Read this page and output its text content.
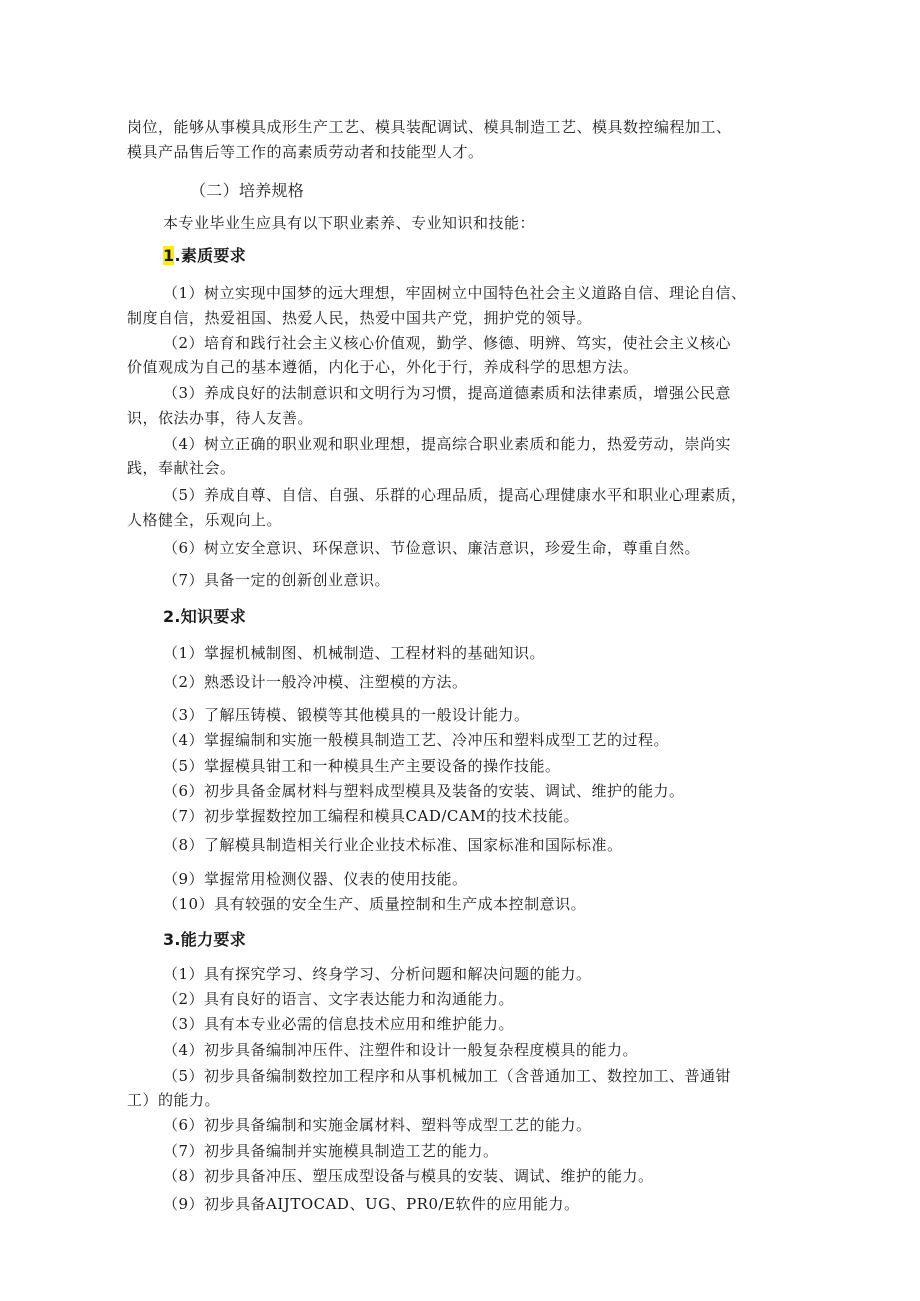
岗位，能够从事模具成形生产工艺、模具装配调试、模具制造工艺、模具数控编程加工、

模具产品售后等工作的高素质劳动者和技能型人才。

（二）培养规格

本专业毕业生应具有以下职业素养、专业知识和技能：

1.素质要求

（1）树立实现中国梦的远大理想，牢固树立中国特色社会主义道路自信、理论自信、

制度自信，热爱祖国、热爱人民，热爱中国共产党，拥护党的领导。

（2）培育和践行社会主义核心价值观，勤学、修德、明辨、笃实，使社会主义核心

价值观成为自己的基本遵循，内化于心，外化于行，养成科学的思想方法。

（3）养成良好的法制意识和文明行为习惯，提高道德素质和法律素质，增强公民意

识，依法办事，待人友善。

（4）树立正确的职业观和职业理想，提高综合职业素质和能力，热爱劳动，崇尚实

践，奉献社会。

（5）养成自尊、自信、自强、乐群的心理品质，提高心理健康水平和职业心理素质，

人格健全，乐观向上。

（6）树立安全意识、环保意识、节俭意识、廉洁意识，珍爱生命，尊重自然。

（7）具备一定的创新创业意识。

2.知识要求

（1）掌握机械制图、机械制造、工程材料的基础知识。

（2）熟悉设计一般冷冲模、注塑模的方法。

（3）了解压铸模、锻模等其他模具的一般设计能力。

（4）掌握编制和实施一般模具制造工艺、冷冲压和塑料成型工艺的过程。

（5）掌握模具钳工和一种模具生产主要设备的操作技能。

（6）初步具备金属材料与塑料成型模具及装备的安装、调试、维护的能力。

（7）初步掌握数控加工编程和模具CAD/CAM的技术技能。

（8）了解模具制造相关行业企业技术标准、国家标准和国际标准。

（9）掌握常用检测仪器、仪表的使用技能。

（10）具有较强的安全生产、质量控制和生产成本控制意识。

3.能力要求

（1）具有探究学习、终身学习、分析问题和解决问题的能力。

（2）具有良好的语言、文字表达能力和沟通能力。

（3）具有本专业必需的信息技术应用和维护能力。

（4）初步具备编制冲压件、注塑件和设计一般复杂程度模具的能力。

（5）初步具备编制数控加工程序和从事机械加工（含普通加工、数控加工、普通钳

工）的能力。

（6）初步具备编制和实施金属材料、塑料等成型工艺的能力。

（7）初步具备编制并实施模具制造工艺的能力。

（8）初步具备冲压、塑压成型设备与模具的安装、调试、维护的能力。

（9）初步具备AIJTOCAD、UG、PR0/E软件的应用能力。
